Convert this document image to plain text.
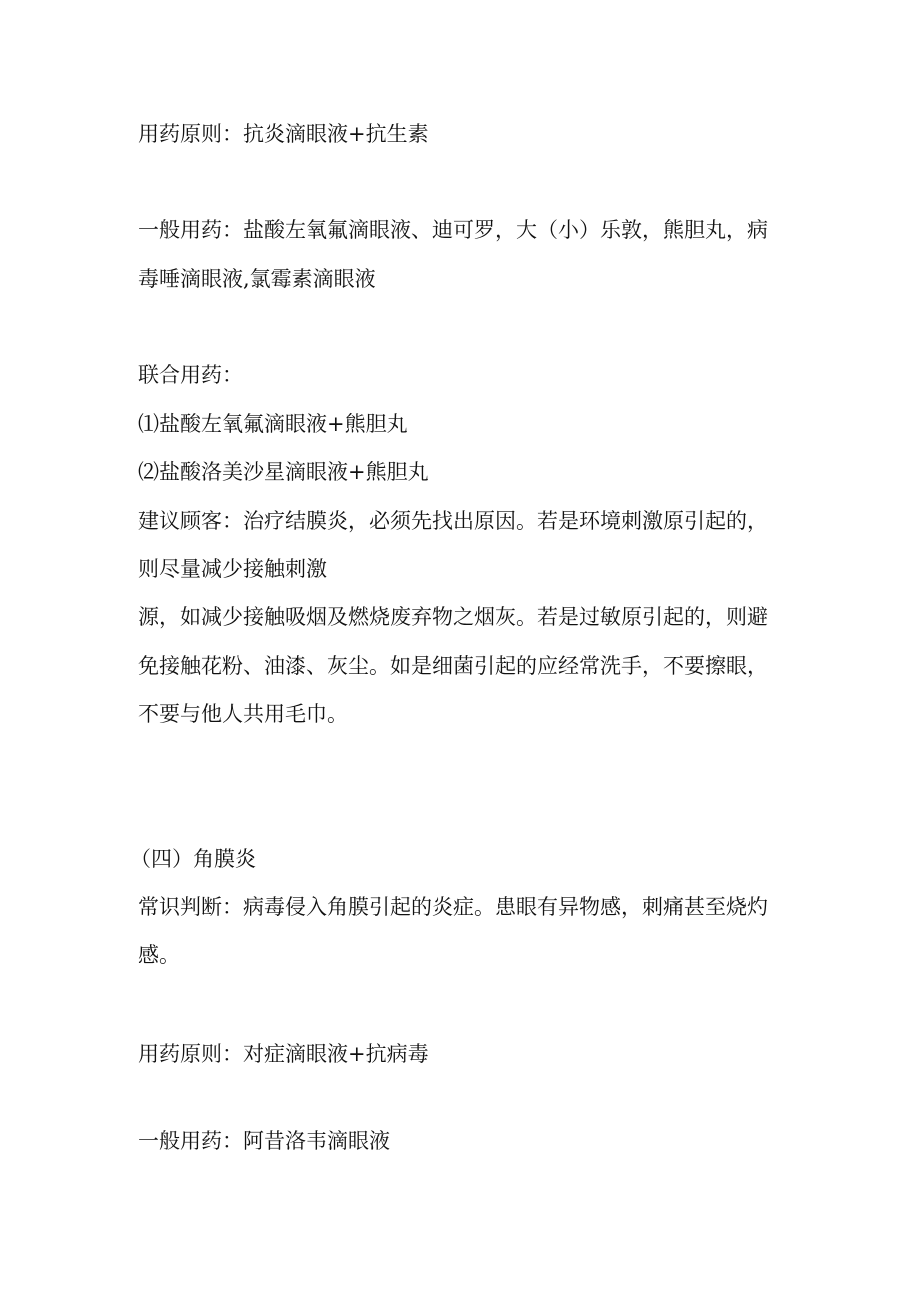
用药原则：抗炎滴眼液+抗生素

一般用药：盐酸左氧氟滴眼液、迪可罗，大（小）乐敦，熊胆丸，病

毒唾滴眼液,氯霉素滴眼液

联合用药：

⑴盐酸左氧氟滴眼液+熊胆丸

⑵盐酸洛美沙星滴眼液+熊胆丸

建议顾客：治疗结膜炎，必须先找出原因。若是环境刺激原引起的，

则尽量减少接触刺激

源，如减少接触吸烟及燃烧废弃物之烟灰。若是过敏原引起的，则避

免接触花粉、油漆、灰尘。如是细菌引起的应经常洗手，不要擦眼，

不要与他人共用毛巾。

（四）角膜炎

常识判断：病毒侵入角膜引起的炎症。患眼有异物感，刺痛甚至烧灼

感。

用药原则：对症滴眼液+抗病毒

一般用药：阿昔洛韦滴眼液
